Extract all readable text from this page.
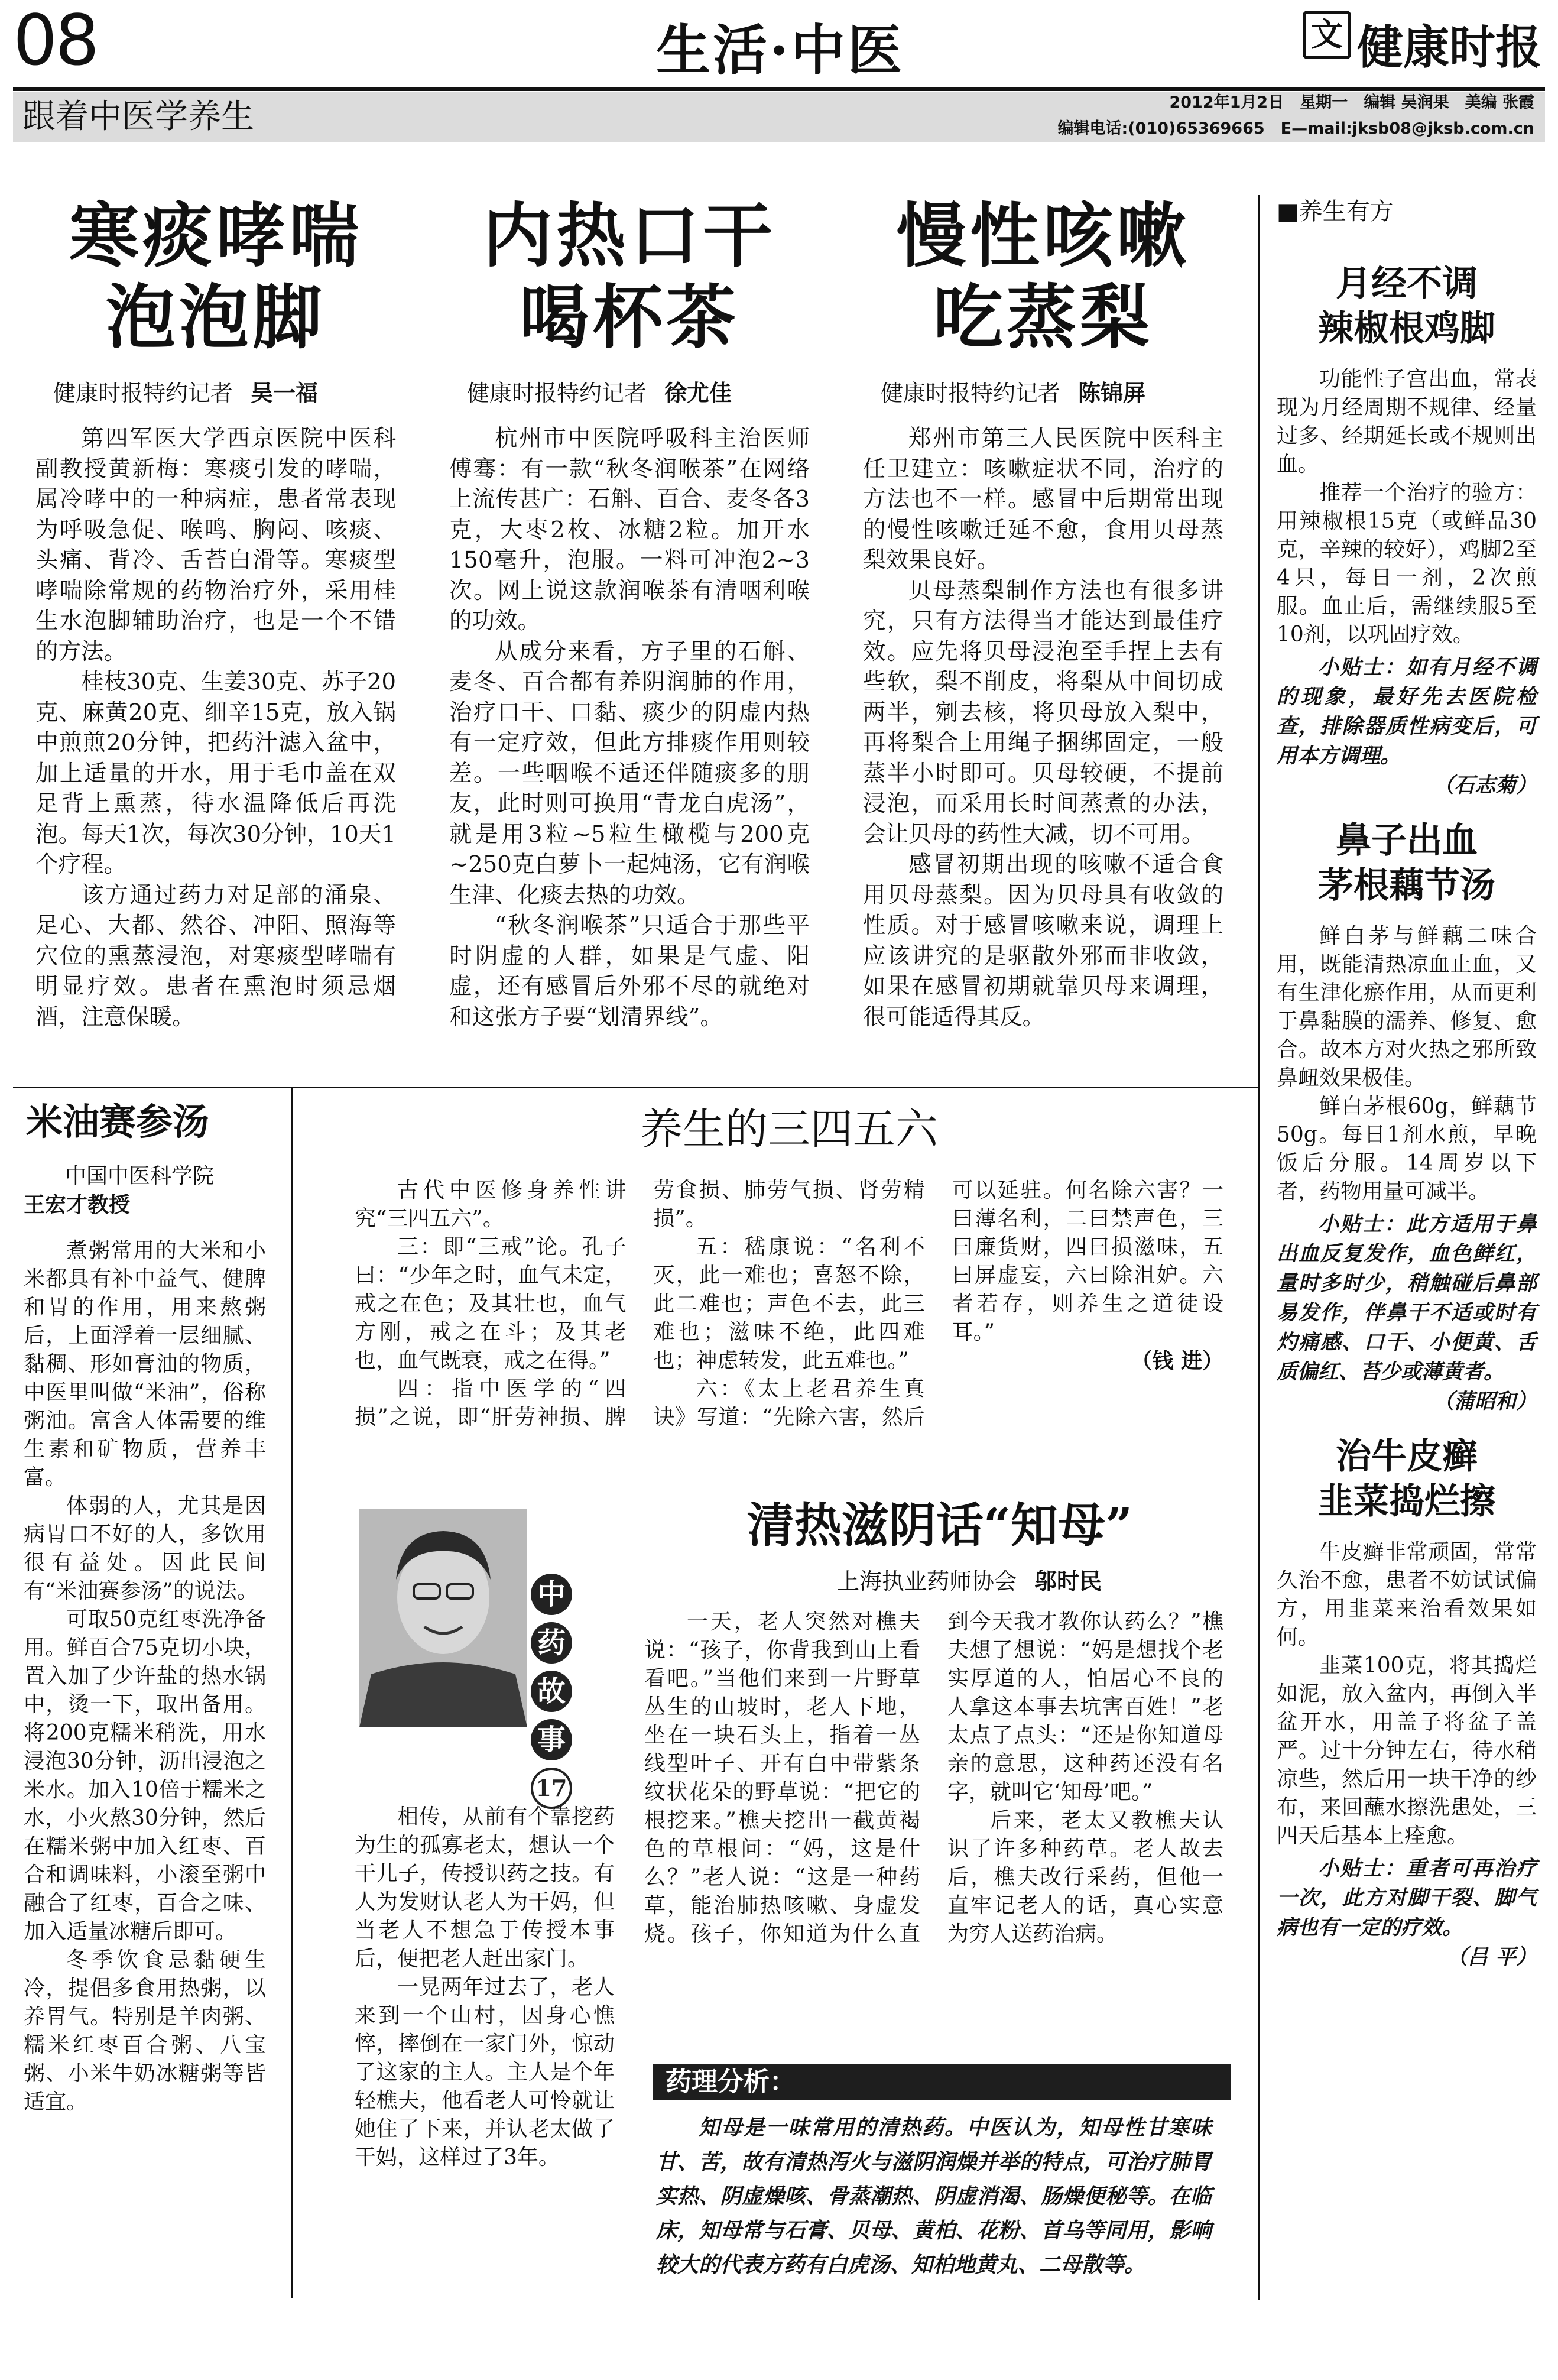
08	生活·中医	文 健康时报
跟着中医学养生	2012年1月2日　星期一　编辑 吴润果　美编 张霞
编辑电话:(010)65369665　E—mail:jksb08@jksb.com.cn
寒痰哮喘
泡泡脚
健康时报特约记者 吴一福

第四军医大学西京医院中医科副教授黄新梅：寒痰引发的哮喘，属冷哮中的一种病症，患者常表现为呼吸急促、喉鸣、胸闷、咳痰、头痛、背冷、舌苔白滑等。寒痰型哮喘除常规的药物治疗外，采用桂生水泡脚辅助治疗，也是一个不错的方法。

桂枝30克、生姜30克、苏子20克、麻黄20克、细辛15克，放入锅中煎煎20分钟，把药汁滤入盆中，加上适量的开水，用于毛巾盖在双足背上熏蒸，待水温降低后再洗泡。每天1次，每次30分钟，10天1个疗程。

该方通过药力对足部的涌泉、足心、大都、然谷、冲阳、照海等穴位的熏蒸浸泡，对寒痰型哮喘有明显疗效。患者在熏泡时须忌烟酒，注意保暖。

内热口干
喝杯茶
健康时报特约记者 徐尤佳

杭州市中医院呼吸科主治医师傅骞：有一款“秋冬润喉茶”在网络上流传甚广：石斛、百合、麦冬各3克，大枣2枚、冰糖2粒。加开水150毫升，泡服。一料可冲泡2~3次。网上说这款润喉茶有清咽利喉的功效。

从成分来看，方子里的石斛、麦冬、百合都有养阴润肺的作用，治疗口干、口黏、痰少的阴虚内热有一定疗效，但此方排痰作用则较差。一些咽喉不适还伴随痰多的朋友，此时则可换用“青龙白虎汤”，就是用3粒~5粒生橄榄与200克~250克白萝卜一起炖汤，它有润喉生津、化痰去热的功效。

“秋冬润喉茶”只适合于那些平时阴虚的人群，如果是气虚、阳虚，还有感冒后外邪不尽的就绝对和这张方子要“划清界线”。

慢性咳嗽
吃蒸梨
健康时报特约记者 陈锦屏

郑州市第三人民医院中医科主任卫建立：咳嗽症状不同，治疗的方法也不一样。感冒中后期常出现的慢性咳嗽迁延不愈，食用贝母蒸梨效果良好。

贝母蒸梨制作方法也有很多讲究，只有方法得当才能达到最佳疗效。应先将贝母浸泡至手捏上去有些软，梨不削皮，将梨从中间切成两半，剜去核，将贝母放入梨中，再将梨合上用绳子捆绑固定，一般蒸半小时即可。贝母较硬，不提前浸泡，而采用长时间蒸煮的办法，会让贝母的药性大减，切不可用。

感冒初期出现的咳嗽不适合食用贝母蒸梨。因为贝母具有收敛的性质。对于感冒咳嗽来说，调理上应该讲究的是驱散外邪而非收敛，如果在感冒初期就靠贝母来调理，很可能适得其反。

米油赛参汤
中国中医科学院
王宏才教授

煮粥常用的大米和小米都具有补中益气、健脾和胃的作用，用来熬粥后，上面浮着一层细腻、黏稠、形如膏油的物质，中医里叫做“米油”，俗称粥油。富含人体需要的维生素和矿物质，营养丰富。

体弱的人，尤其是因病胃口不好的人，多饮用很有益处。因此民间有“米油赛参汤”的说法。

可取50克红枣洗净备用。鲜百合75克切小块，置入加了少许盐的热水锅中，烫一下，取出备用。将200克糯米稍洗，用水浸泡30分钟，沥出浸泡之米水。加入10倍于糯米之水，小火熬30分钟，然后在糯米粥中加入红枣、百合和调味料，小滚至粥中融合了红枣，百合之味、加入适量冰糖后即可。

冬季饮食忌黏硬生冷，提倡多食用热粥，以养胃气。特别是羊肉粥、糯米红枣百合粥、八宝粥、小米牛奶冰糖粥等皆适宜。

养生的三四五六

古代中医修身养性讲究“三四五六”。

三：即“三戒”论。孔子曰：“少年之时，血气未定，戒之在色；及其壮也，血气方刚，戒之在斗；及其老也，血气既衰，戒之在得。”

四：指中医学的“四损”之说，即“肝劳神损、脾劳食损、肺劳气损、肾劳精损”。

五：嵇康说：“名利不灭，此一难也；喜怒不除，此二难也；声色不去，此三难也；滋味不绝，此四难也；神虑转发，此五难也。”

六：《太上老君养生真诀》写道：“先除六害，然后可以延驻。何名除六害？一曰薄名利，二曰禁声色，三曰廉货财，四曰损滋味，五曰屏虚妄，六曰除沮妒。六者若存，则养生之道徒设耳。”

（钱 进）

中
药
故
事
17
清热滋阴话“知母”
上海执业药师协会 邬时民

相传，从前有个靠挖药为生的孤寡老太，想认一个干儿子，传授识药之技。有人为发财认老人为干妈，但当老人不想急于传授本事后，便把老人赶出家门。

一晃两年过去了，老人来到一个山村，因身心憔悴，摔倒在一家门外，惊动了这家的主人。主人是个年轻樵夫，他看老人可怜就让她住了下来，并认老太做了干妈，这样过了3年。

一天，老人突然对樵夫说：“孩子，你背我到山上看看吧。”当他们来到一片野草丛生的山坡时，老人下地，坐在一块石头上，指着一丛线型叶子、开有白中带紫条纹状花朵的野草说：“把它的根挖来。”樵夫挖出一截黄褐色的草根问：“妈，这是什么？”老人说：“这是一种药草，能治肺热咳嗽、身虚发烧。孩子，你知道为什么直到今天我才教你认药么？”樵夫想了想说：“妈是想找个老实厚道的人，怕居心不良的人拿这本事去坑害百姓！”老太点了点头：“还是你知道母亲的意思，这种药还没有名字，就叫它‘知母’吧。”

后来，老太又教樵夫认识了许多种药草。老人故去后，樵夫改行采药，但他一直牢记老人的话，真心实意为穷人送药治病。

药理分析：
知母是一味常用的清热药。中医认为，知母性甘寒味甘、苦，故有清热泻火与滋阴润燥并举的特点，可治疗肺胃实热、阴虚燥咳、骨蒸潮热、阴虚消渴、肠燥便秘等。在临床，知母常与石膏、贝母、黄柏、花粉、首乌等同用，影响较大的代表方药有白虎汤、知柏地黄丸、二母散等。
■养生有方
月经不调
辣椒根鸡脚

功能性子宫出血，常表现为月经周期不规律、经量过多、经期延长或不规则出血。

推荐一个治疗的验方：用辣椒根15克（或鲜品30克，辛辣的较好），鸡脚2至4只，每日一剂，2次煎服。血止后，需继续服5至10剂，以巩固疗效。

小贴士：如有月经不调的现象，最好先去医院检查，排除器质性病变后，可用本方调理。
（石志菊）
鼻子出血
茅根藕节汤

鲜白茅与鲜藕二味合用，既能清热凉血止血，又有生津化瘀作用，从而更利于鼻黏膜的濡养、修复、愈合。故本方对火热之邪所致鼻衄效果极佳。

鲜白茅根60g，鲜藕节50g。每日1剂水煎，早晚饭后分服。14周岁以下者，药物用量可减半。

小贴士：此方适用于鼻出血反复发作，血色鲜红，量时多时少，稍触碰后鼻部易发作，伴鼻干不适或时有灼痛感、口干、小便黄、舌质偏红、苔少或薄黄者。
（蒲昭和）
治牛皮癣
韭菜捣烂擦

牛皮癣非常顽固，常常久治不愈，患者不妨试试偏方，用韭菜来治看效果如何。

韭菜100克，将其捣烂如泥，放入盆内，再倒入半盆开水，用盖子将盆子盖严。过十分钟左右，待水稍凉些，然后用一块干净的纱布，来回蘸水擦洗患处，三四天后基本上痊愈。

小贴士：重者可再治疗一次，此方对脚干裂、脚气病也有一定的疗效。
（吕 平）
